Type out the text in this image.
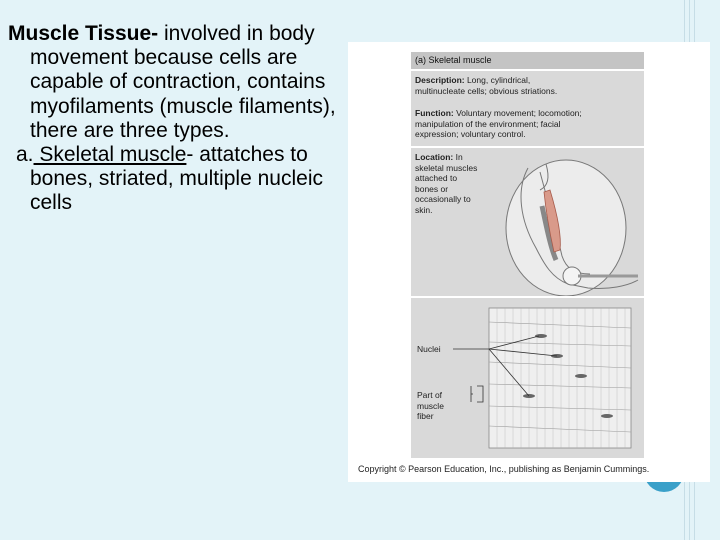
Muscle Tissue- involved in body movement because cells are capable of contraction, contains myofilaments (muscle filaments), there are three types.

a. Skeletal muscle- attatches to bones, striated, multiple nucleic cells

(a) Skeletal muscle
Description: Long, cylindrical, multinucleate cells; obvious striations.
Function: Voluntary movement; locomotion; manipulation of the environment; facial expression; voluntary control.
Location: In skeletal muscles attached to bones or occasionally to skin.
Nuclei
Part of muscle fiber
Copyright © Pearson Education, Inc., publishing as Benjamin Cummings.
